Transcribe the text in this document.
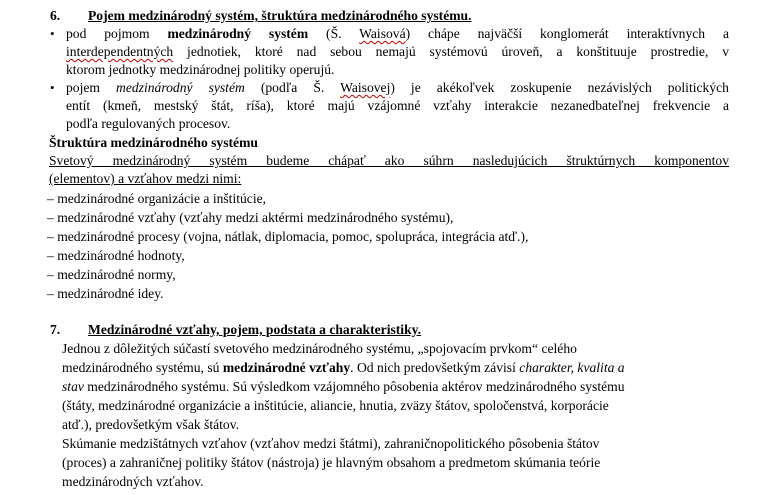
6. Pojem medzinárodný systém, štruktúra medzinárodného systému.
• pod pojmom medzinárodný systém (Š. Waisová) chápe najväčší konglomerát interaktívnych a
interdependentných jednotiek, ktoré nad sebou nemajú systémovú úroveň, a konštituuje prostredie, v
ktorom jednotky medzinárodnej politiky operujú.
• pojem medzinárodný systém (podľa Š. Waisovej) je akékoľvek zoskupenie nezávislých politických
entít (kmeň, mestský štát, ríša), ktoré majú vzájomné vzťahy interakcie nezanedbateľnej frekvencie a
podľa regulovaných procesov.
Štruktúra medzinárodného systému
Svetový medzinárodný systém budeme chápať ako súhrn nasledujúcich štruktúrnych komponentov
(elementov) a vzťahov medzi nimi:
– medzinárodné organizácie a inštitúcie,
– medzinárodné vzťahy (vzťahy medzi aktérmi medzinárodného systému),
– medzinárodné procesy (vojna, nátlak, diplomacia, pomoc, spolupráca, integrácia atď.),
– medzinárodné hodnoty,
– medzinárodné normy,
– medzinárodné idey.
7. Medzinárodné vzťahy, pojem, podstata a charakteristiky.
Jednou z dôležitých súčastí svetového medzinárodného systému, „spojovacím prvkom“ celého
medzinárodného systému, sú medzinárodné vzťahy. Od nich predovšetkým závisí charakter, kvalita a
stav medzinárodného systému. Sú výsledkom vzájomného pôsobenia aktérov medzinárodného systému
(štáty, medzinárodné organizácie a inštitúcie, aliancie, hnutia, zväzy štátov, spoločenstvá, korporácie
atď.), predovšetkým však štátov.
Skúmanie medzištátnych vzťahov (vzťahov medzi štátmi), zahraničnopolitického pôsobenia štátov
(proces) a zahraničnej politiky štátov (nástroja) je hlavným obsahom a predmetom skúmania teórie
medzinárodných vzťahov.
